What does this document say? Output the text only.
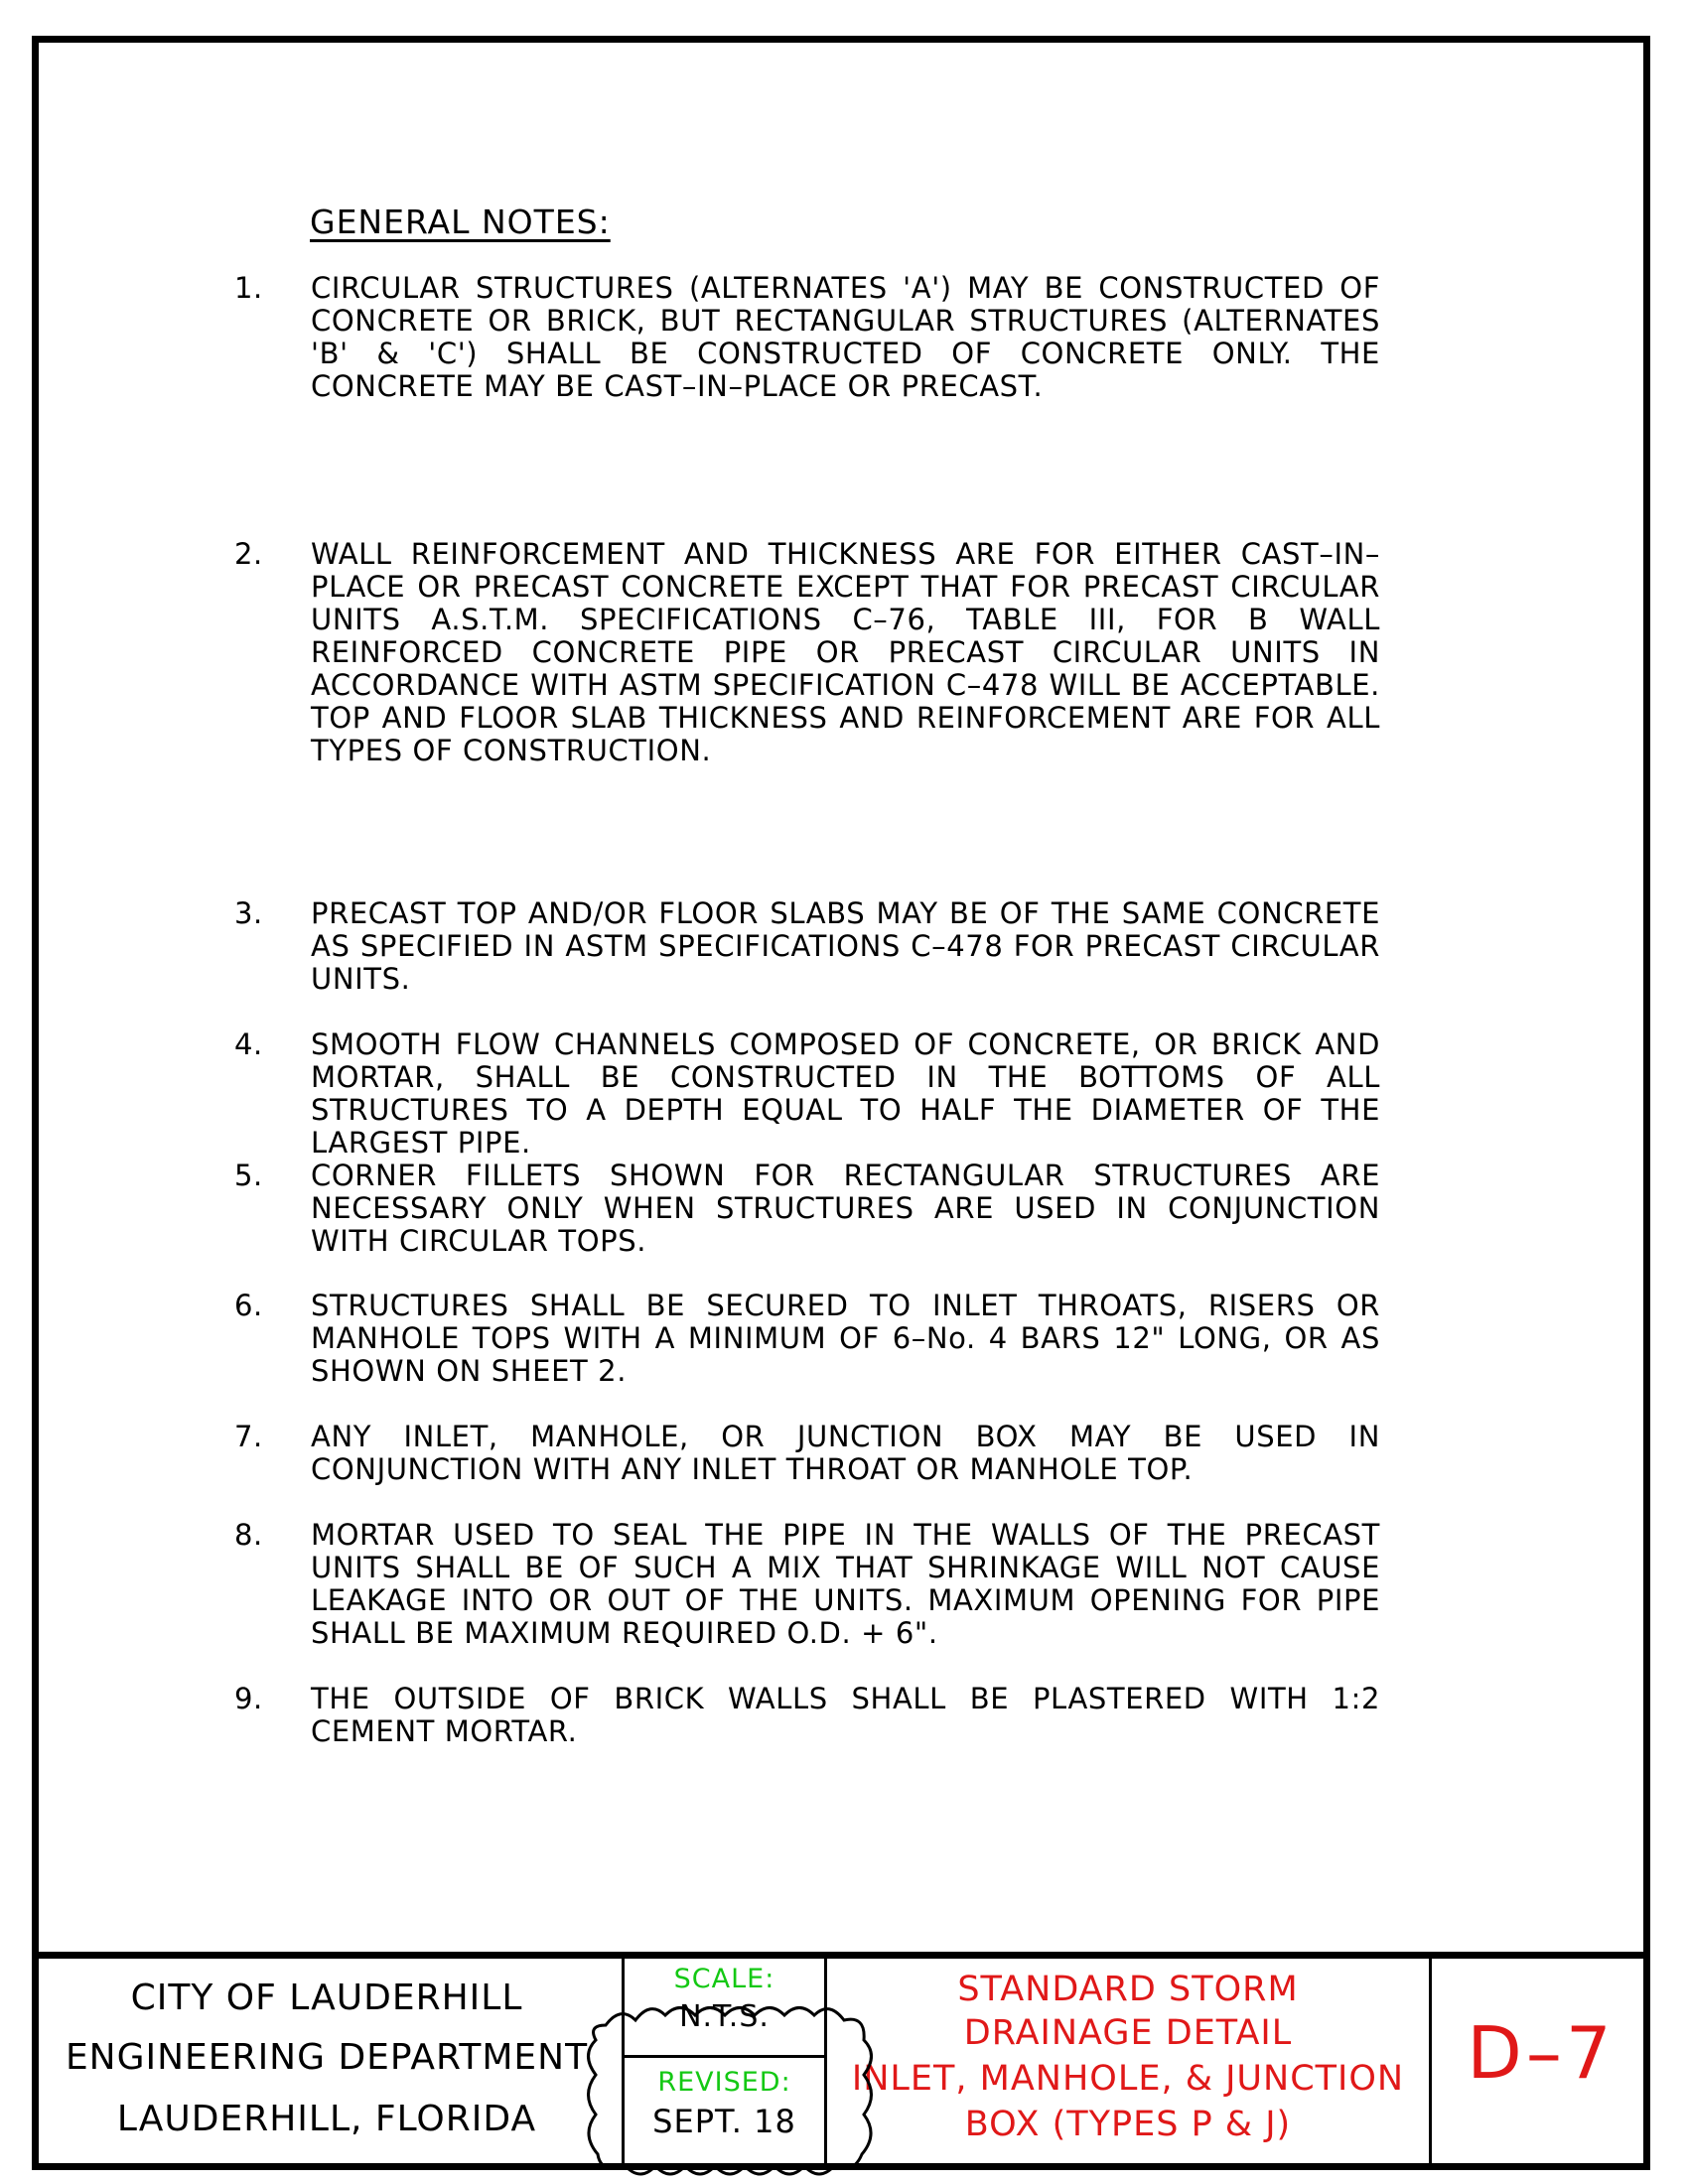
GENERAL NOTES:
1.	CIRCULAR STRUCTURES (ALTERNATES 'A') MAY BE CONSTRUCTED OF CONCRETE OR BRICK, BUT RECTANGULAR STRUCTURES (ALTERNATES 'B' & 'C') SHALL BE CONSTRUCTED OF CONCRETE ONLY. THE CONCRETE MAY BE CAST–IN–PLACE OR PRECAST.
2.	WALL REINFORCEMENT AND THICKNESS ARE FOR EITHER CAST–IN–PLACE OR PRECAST CONCRETE EXCEPT THAT FOR PRECAST CIRCULAR UNITS A.S.T.M. SPECIFICATIONS C–76, TABLE III, FOR B WALL REINFORCED CONCRETE PIPE OR PRECAST CIRCULAR UNITS IN ACCORDANCE WITH ASTM SPECIFICATION C–478 WILL BE ACCEPTABLE. TOP AND FLOOR SLAB THICKNESS AND REINFORCEMENT ARE FOR ALL TYPES OF CONSTRUCTION.
3.	PRECAST TOP AND/OR FLOOR SLABS MAY BE OF THE SAME CONCRETE AS SPECIFIED IN ASTM SPECIFICATIONS C–478 FOR PRECAST CIRCULAR UNITS.
4.	SMOOTH FLOW CHANNELS COMPOSED OF CONCRETE, OR BRICK AND MORTAR, SHALL BE CONSTRUCTED IN THE BOTTOMS OF ALL STRUCTURES TO A DEPTH EQUAL TO HALF THE DIAMETER OF THE LARGEST PIPE.
5.	CORNER FILLETS SHOWN FOR RECTANGULAR STRUCTURES ARE NECESSARY ONLY WHEN STRUCTURES ARE USED IN CONJUNCTION WITH CIRCULAR TOPS.
6.	STRUCTURES SHALL BE SECURED TO INLET THROATS, RISERS OR MANHOLE TOPS WITH A MINIMUM OF 6–No. 4 BARS 12" LONG, OR AS SHOWN ON SHEET 2.
7.	ANY INLET, MANHOLE, OR JUNCTION BOX MAY BE USED IN CONJUNCTION WITH ANY INLET THROAT OR MANHOLE TOP.
8.	MORTAR USED TO SEAL THE PIPE IN THE WALLS OF THE PRECAST UNITS SHALL BE OF SUCH A MIX THAT SHRINKAGE WILL NOT CAUSE LEAKAGE INTO OR OUT OF THE UNITS. MAXIMUM OPENING FOR PIPE SHALL BE MAXIMUM REQUIRED O.D. + 6".
9.	THE OUTSIDE OF BRICK WALLS SHALL BE PLASTERED WITH 1:2 CEMENT MORTAR.
CITY OF LAUDERHILL
ENGINEERING DEPARTMENT
LAUDERHILL, FLORIDA
SCALE:
N.T.S.
REVISED:
SEPT. 18
STANDARD STORM
DRAINAGE DETAIL
INLET, MANHOLE, & JUNCTION
BOX (TYPES P & J)
D–7
